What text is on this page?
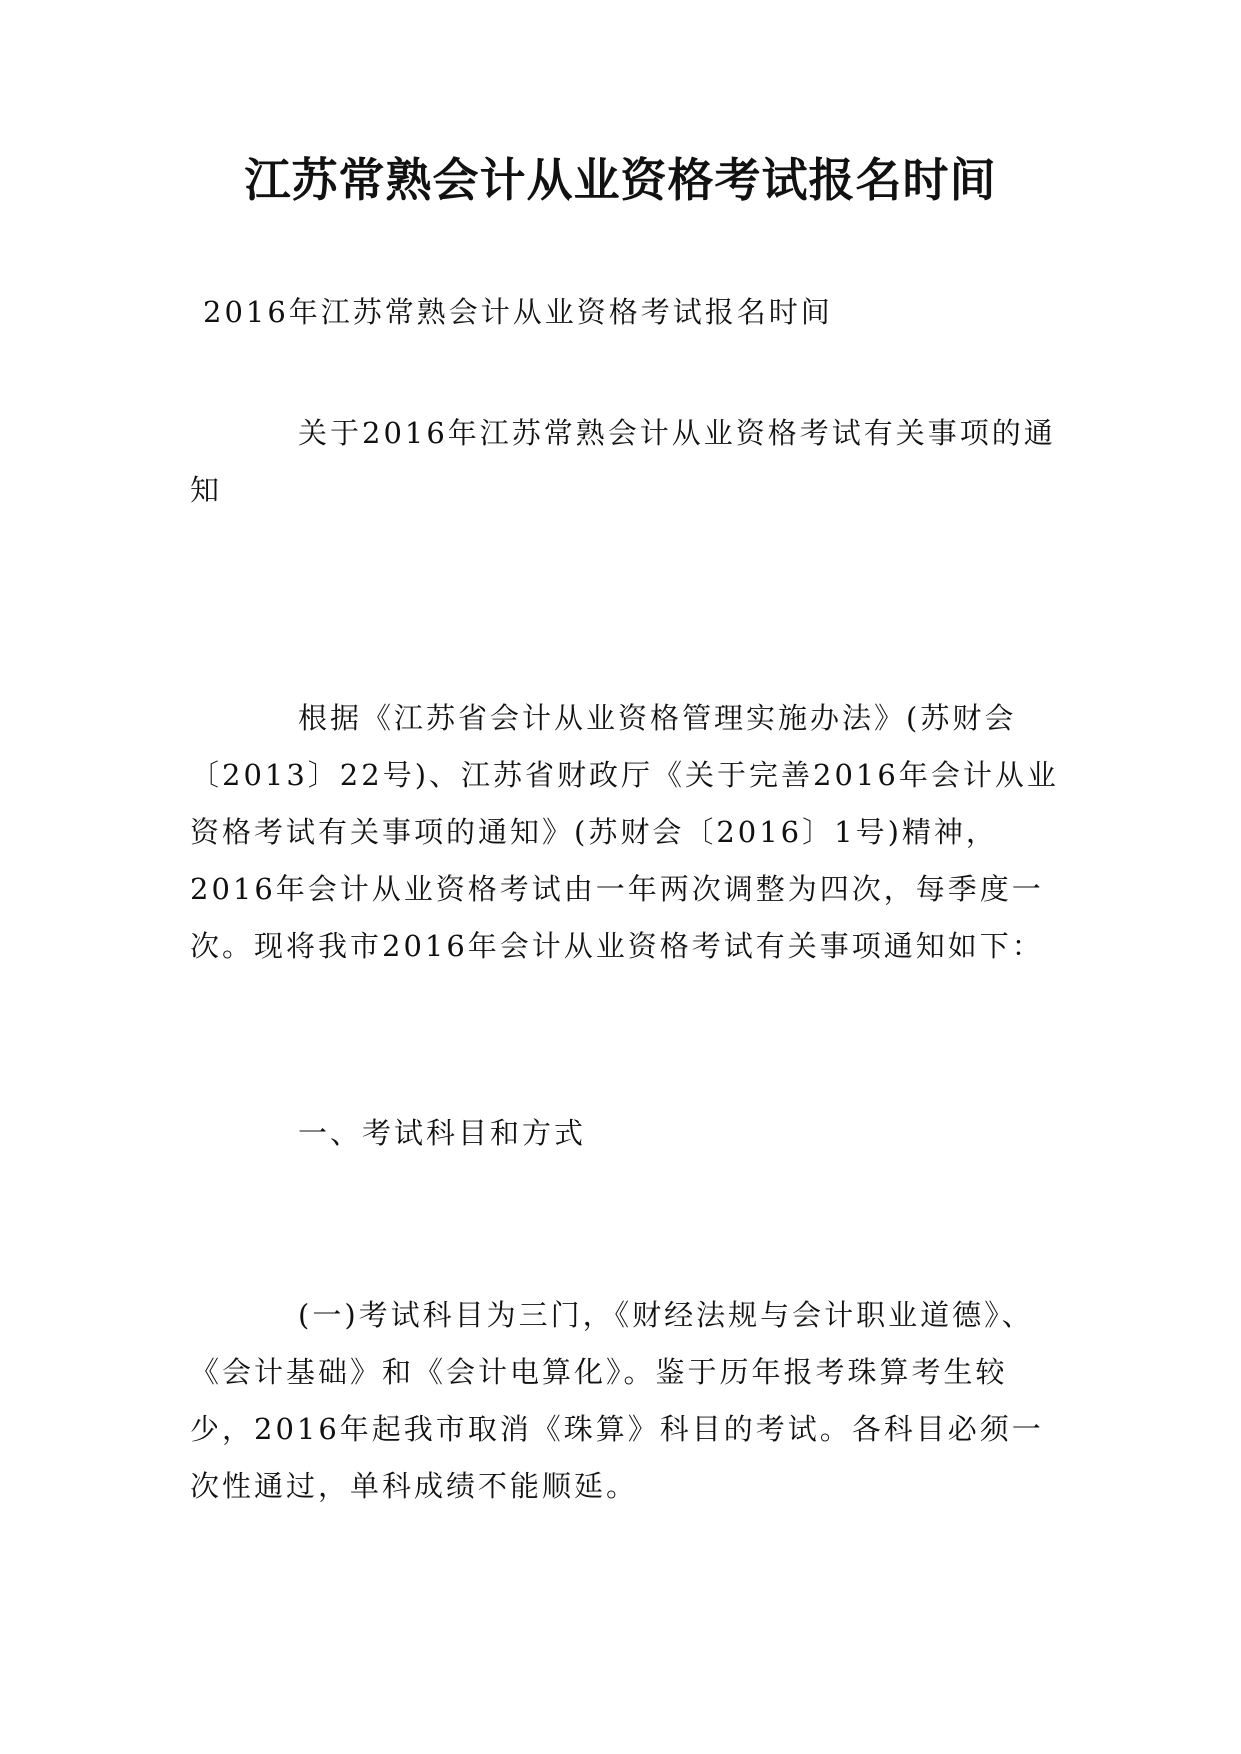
江苏常熟会计从业资格考试报名时间
2016年江苏常熟会计从业资格考试报名时间
关于2016年江苏常熟会计从业资格考试有关事项的通知
根据《江苏省会计从业资格管理实施办法》(苏财会〔2013〕22号)、江苏省财政厅《关于完善2016年会计从业资格考试有关事项的通知》(苏财会〔2016〕1号)精神， 2016年会计从业资格考试由一年两次调整为四次，每季度一次。现将我市2016年会计从业资格考试有关事项通知如下：
一、考试科目和方式
(一)考试科目为三门，《财经法规与会计职业道德》、《会计基础》和《会计电算化》。鉴于历年报考珠算考生较少，2016年起我市取消《珠算》科目的考试。各科目必须一次性通过，单科成绩不能顺延。
